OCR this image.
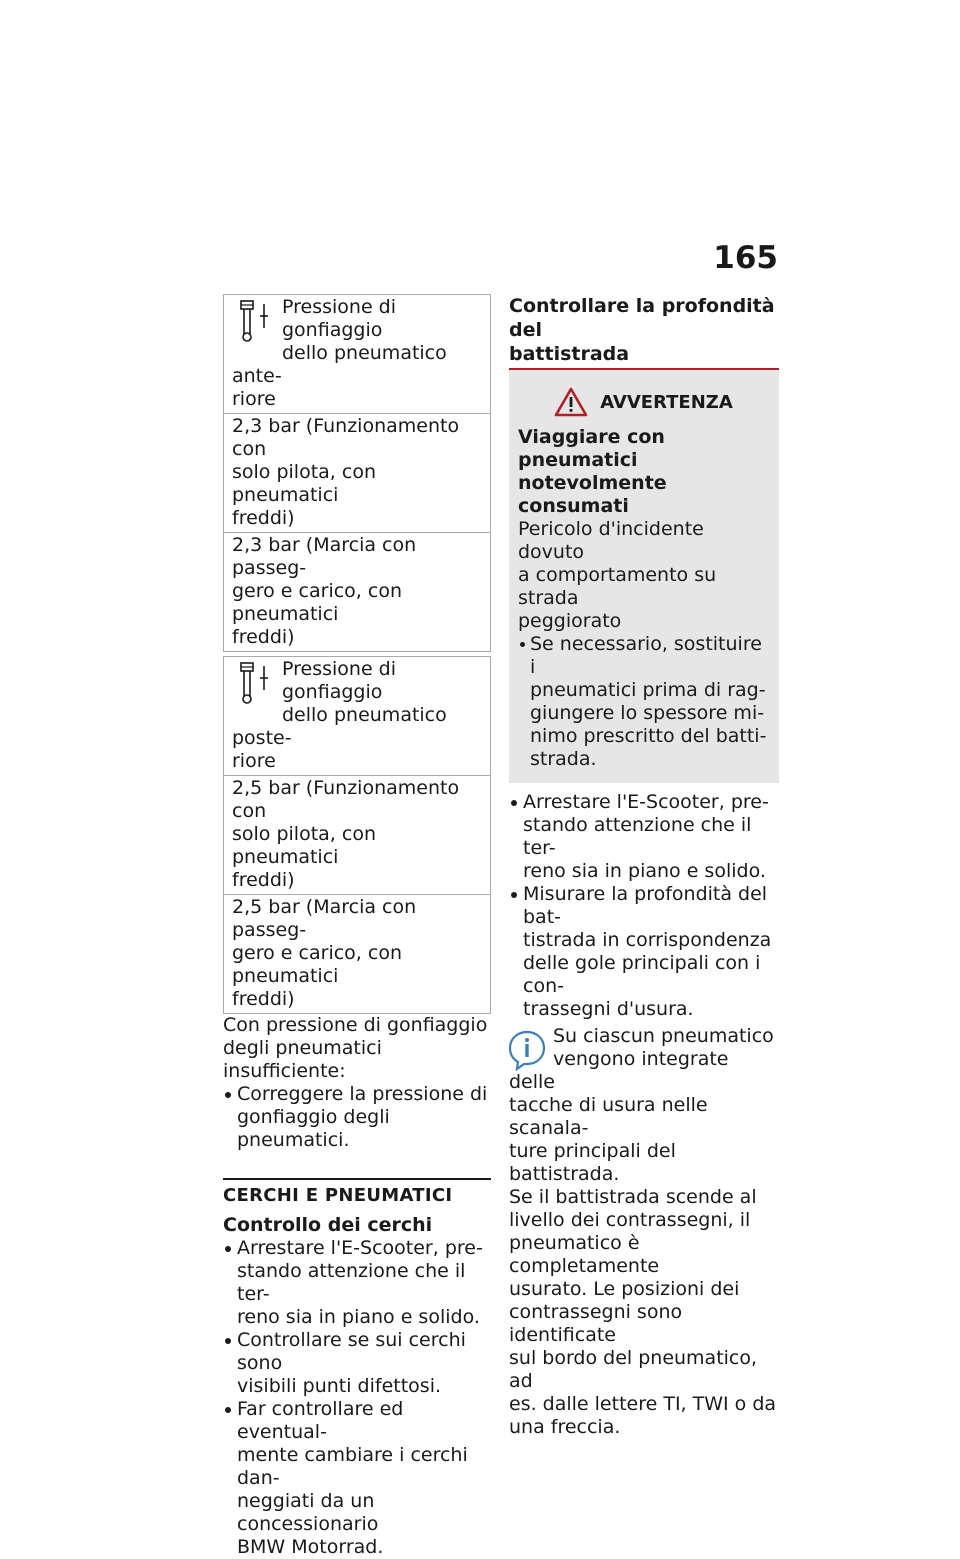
165
Pressione di gonfiaggio
dello pneumatico ante-
riore
2,3 bar (Funzionamento con
solo pilota, con pneumatici
freddi)
2,3 bar (Marcia con passeg-
gero e carico, con pneumatici
freddi)
Pressione di gonfiaggio
dello pneumatico poste-
riore
2,5 bar (Funzionamento con
solo pilota, con pneumatici
freddi)
2,5 bar (Marcia con passeg-
gero e carico, con pneumatici
freddi)

Con pressione di gonfiaggio
degli pneumatici insufficiente:

Correggere la pressione di
gonfiaggio degli pneumatici.
CERCHI E PNEUMATICI
Controllo dei cerchi
Arrestare l'E-Scooter, pre-
stando attenzione che il ter-
reno sia in piano e solido.
Controllare se sui cerchi sono
visibili punti difettosi.
Far controllare ed eventual-
mente cambiare i cerchi dan-
neggiati da un concessionario
BMW Motorrad.
Controllare la profondità del
battistrada
AVVERTENZA
Viaggiare con pneumatici
notevolmente consumati
Pericolo d'incidente dovuto
a comportamento su strada
peggiorato
Se necessario, sostituire i
pneumatici prima di rag-
giungere lo spessore mi-
nimo prescritto del batti-
strada.
Arrestare l'E-Scooter, pre-
stando attenzione che il ter-
reno sia in piano e solido.
Misurare la profondità del bat-
tistrada in corrispondenza
delle gole principali con i con-
trassegni d'usura.
Su ciascun pneumatico
vengono integrate delle
tacche di usura nelle scanala-
ture principali del battistrada.
Se il battistrada scende al
livello dei contrassegni, il
pneumatico è completamente
usurato. Le posizioni dei
contrassegni sono identificate
sul bordo del pneumatico, ad
es. dalle lettere TI, TWI o da
una freccia.
